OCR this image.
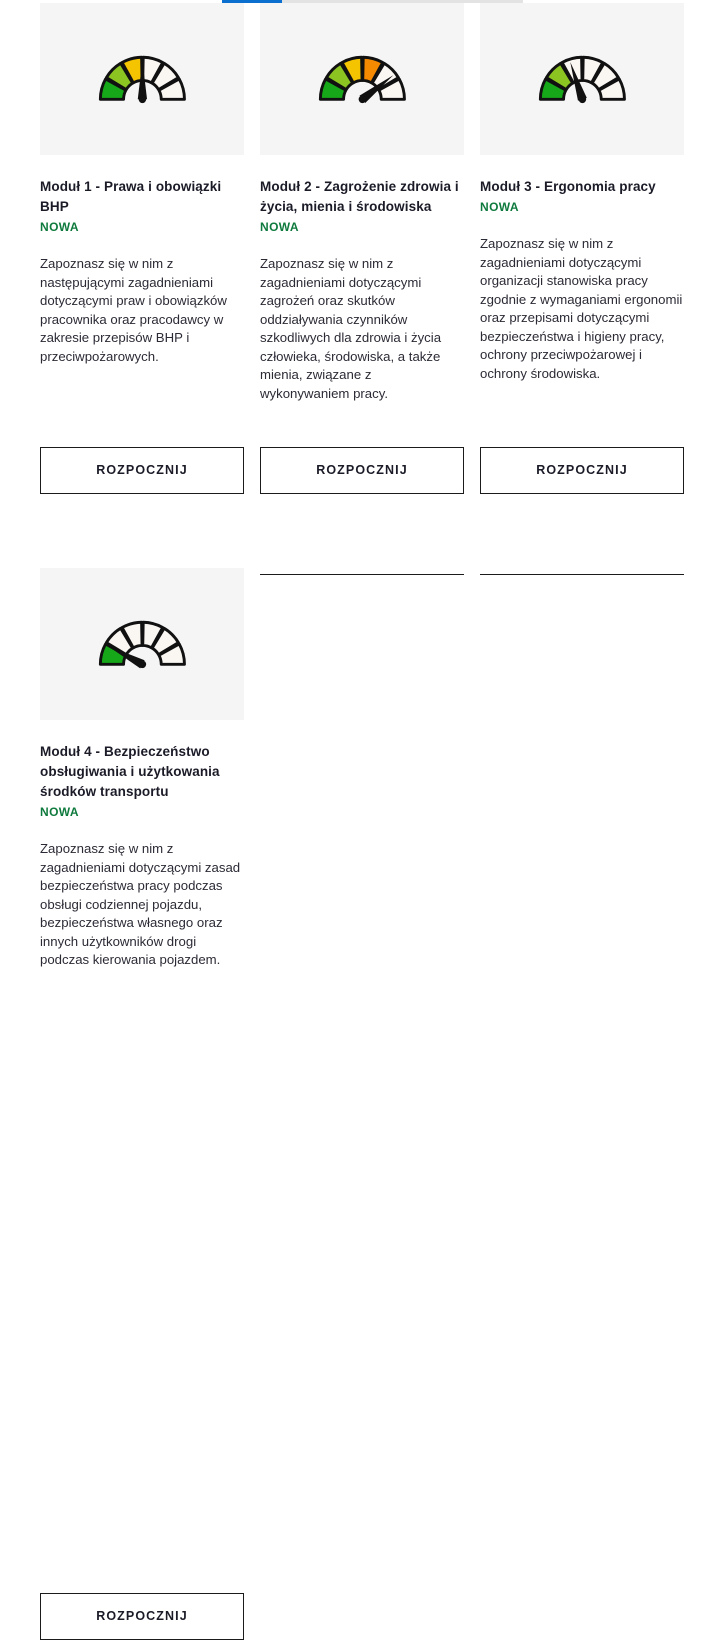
Moduł 1 - Prawa i obowiązki BHP
NOWA
Zapoznasz się w nim z następującymi zagadnieniami dotyczącymi praw i obowiązków pracownika oraz pracodawcy w zakresie przepisów BHP i przeciwpożarowych.
ROZPOCZNIJ
Moduł 2 - Zagrożenie zdrowia i życia, mienia i środowiska
NOWA
Zapoznasz się w nim z zagadnieniami dotyczącymi zagrożeń oraz skutków oddziaływania czynników szkodliwych dla zdrowia i życia człowieka, środowiska, a także mienia, związane z wykonywaniem pracy.
ROZPOCZNIJ
Moduł 3 - Ergonomia pracy
NOWA
Zapoznasz się w nim z zagadnieniami dotyczącymi organizacji stanowiska pracy zgodnie z wymaganiami ergonomii oraz przepisami dotyczącymi bezpieczeństwa i higieny pracy, ochrony przeciwpożarowej i ochrony środowiska.
ROZPOCZNIJ
Moduł 4 - Bezpieczeństwo obsługiwania i użytkowania środków transportu
NOWA
Zapoznasz się w nim z zagadnieniami dotyczącymi zasad bezpieczeństwa pracy podczas obsługi codziennej pojazdu, bezpieczeństwa własnego oraz innych użytkowników drogi podczas kierowania pojazdem.
ROZPOCZNIJ
